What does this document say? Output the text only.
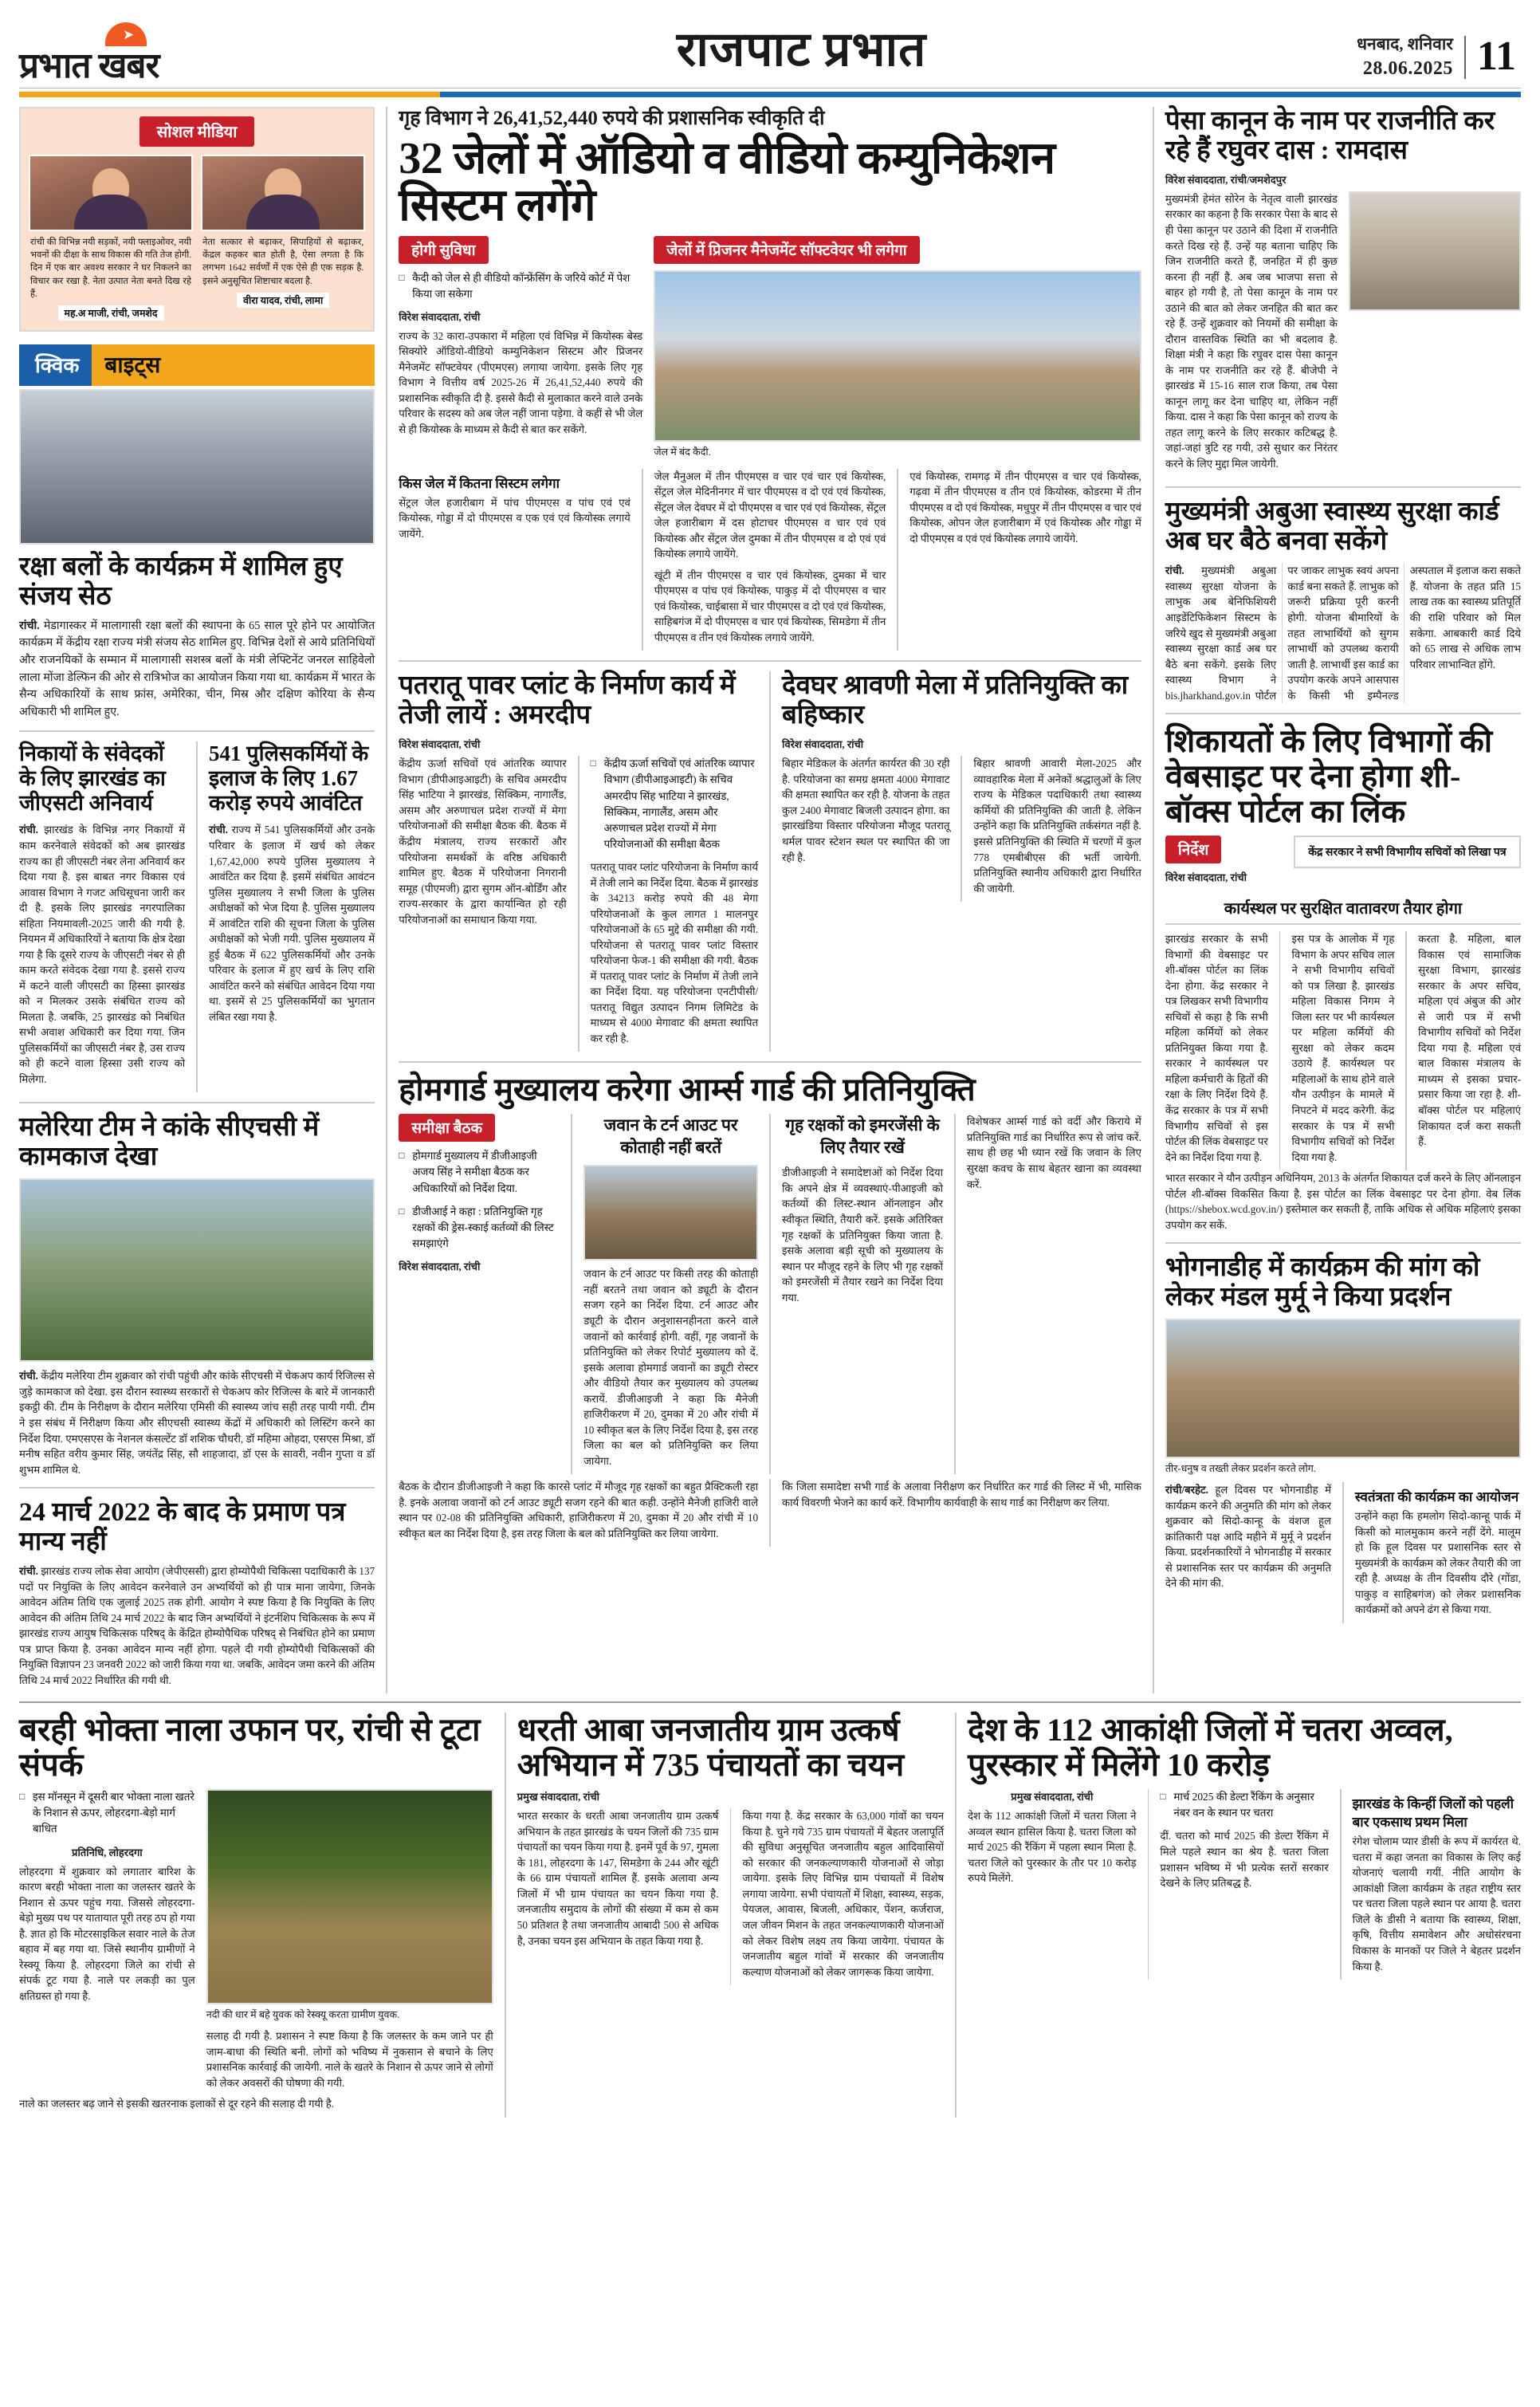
➤
प्रभात खबर	राजपाट प्रभात	धनबाद, शनिवार
28.06.2025 11
सोशल मीडिया
रांची की विभिन्न नयी सड़कों, नयी फ्लाइओवर, नयी भवनों की दीक्षा के साथ विकास की गति तेज होगी. दिन में एक बार अवश्य सरकार ने घर निकलने का विचार कर रखा है. नेता उत्पात नेता बनते दिख रहे हैं.
मह.अ माजी, रांची, जमशेद
नेता सत्कार से बढ़ाकर, सिपाहियों से बढ़ाकर, केंद्रल कहकर बात होती है, ऐसा लगता है कि लगभग 1642 सर्वर्णों में एक ऐसे ही एक सड़क है. इसने अनुसूचित शिष्टाचार बदला है.
वीरा यादव, रांची, लामा
क्विक	बाइट्स
रक्षा बलों के कार्यक्रम में शामिल हुए संजय सेठ

रांची. मेडागास्कर में मालागासी रक्षा बलों की स्थापना के 65 साल पूरे होने पर आयोजित कार्यक्रम में केंद्रीय रक्षा राज्य मंत्री संजय सेठ शामिल हुए. विभिन्न देशों से आये प्रतिनिधियों और राजनयिकों के सम्मान में मालागासी सशस्त्र बलों के मंत्री लेफ्टिनेंट जनरल साहिवेलो लाला मोंजा डेल्फिन की ओर से रात्रिभोज का आयोजन किया गया था. कार्यक्रम में भारत के सैन्य अधिकारियों के साथ फ्रांस, अमेरिका, चीन, मिस्र और दक्षिण कोरिया के सैन्य अधिकारी भी शामिल हुए.

निकायों के संवेदकों के लिए झारखंड का जीएसटी अनिवार्य

रांची. झारखंड के विभिन्न नगर निकायों में काम करनेवाले संवेदकों को अब झारखंड राज्य का ही जीएसटी नंबर लेना अनिवार्य कर दिया गया है. इस बाबत नगर विकास एवं आवास विभाग ने गजट अधिसूचना जारी कर दी है. इसके लिए झारखंड नगरपालिका संहिता नियमावली-2025 जारी की गयी है. नियमन में अधिकारियों ने बताया कि क्षेत्र देखा गया है कि दूसरे राज्य के जीएसटी नंबर से ही काम करते संवेदक देखा गया है. इससे राज्य में कटने वाली जीएसटी का हिस्सा झारखंड को न मिलकर उसके संबंधित राज्य को मिलता है. जबकि, 25 झारखंड को निबंधित सभी अवाश अधिकारी कर दिया गया. जिन पुलिसकर्मियों का जीएसटी नंबर है, उस राज्य को ही कटने वाला हिस्सा उसी राज्य को मिलेगा.

541 पुलिसकर्मियों के इलाज के लिए 1.67 करोड़ रुपये आवंटित

रांची. राज्य में 541 पुलिसकर्मियों और उनके परिवार के इलाज में खर्च को लेकर 1,67,42,000 रुपये पुलिस मुख्यालय ने आवंटित कर दिया है. इसमें संबंधित आवंटन पुलिस मुख्यालय ने सभी जिला के पुलिस अधीक्षकों को भेज दिया है. पुलिस मुख्यालय में आवंटित राशि की सूचना जिला के पुलिस अधीक्षकों को भेजी गयी. पुलिस मुख्यालय में हुई बैठक में 622 पुलिसकर्मियों और उनके परिवार के इलाज में हुए खर्च के लिए राशि आवंटित करने को संबंधित आवेदन दिया गया था. इसमें से 25 पुलिसकर्मियों का भुगतान लंबित रखा गया है.

मलेरिया टीम ने कांके सीएचसी में कामकाज देखा

रांची. केंद्रीय मलेरिया टीम शुक्रवार को रांची पहुंची और कांके सीएचसी में चेकअप कार्य रिजिल्स से जुड़े कामकाज को देखा. इस दौरान स्वास्थ्य सरकारों से चेकअप कोर रिजिल्स के बारे में जानकारी इकट्ठी की. टीम के निरीक्षण के दौरान मलेरिया एमिसी की स्वास्थ्य जांच सही तरह पायी गयी. टीम ने इस संबंध में निरीक्षण किया और सीएचसी स्वास्थ्य केंद्रों में अधिकारी को लिस्टिंग करने का निर्देश दिया. एमएसएस के नेशनल कंसल्टेंट डॉ शशिक चौधरी, डॉ महिमा ओहदा, एसएस मिश्रा, डॉ मनीष सहित वरीय कुमार सिंह, जयंतेंद्र सिंह, सौ शाहजादा, डॉ एस के सावरी, नवीन गुप्ता व डॉ शुभम शामिल थे.

24 मार्च 2022 के बाद के प्रमाण पत्र मान्य नहीं

रांची. झारखंड राज्य लोक सेवा आयोग (जेपीएससी) द्वारा होम्योपैथी चिकित्सा पदाधिकारी के 137 पदों पर नियुक्ति के लिए आवेदन करनेवाले उन अभ्यर्थियों को ही पात्र माना जायेगा, जिनके आवेदन अंतिम तिथि एक जुलाई 2025 तक होगी. आयोग ने स्पष्ट किया है कि नियुक्ति के लिए आवेदन की अंतिम तिथि 24 मार्च 2022 के बाद जिन अभ्यर्थियों ने इंटर्नशिप चिकित्सक के रूप में झारखंड राज्य आयुष चिकित्सक परिषद् के केंद्रित होम्योपैथिक परिषद् से निबंधित होने का प्रमाण पत्र प्राप्त किया है. उनका आवेदन मान्य नहीं होगा. पहले दी गयी होम्योपैथी चिकित्सकों की नियुक्ति विज्ञापन 23 जनवरी 2022 को जारी किया गया था. जबकि, आवेदन जमा करने की अंतिम तिथि 24 मार्च 2022 निर्धारित की गयी थी.

गृह विभाग ने 26,41,52,440 रुपये की प्रशासनिक स्वीकृति दी
32 जेलों में ऑडियो व वीडियो कम्युनिकेशन सिस्टम लगेंगे
होगी सुविधा
□ कैदी को जेल से ही वीडियो कॉन्फ्रेंसिंग के जरिये कोर्ट में पेश किया जा सकेगा
विरेश संवाददाता, रांची

राज्य के 32 कारा-उपकारा में महिला एवं विभिन्न में कियोस्क बेस्ड सिक्योरे ऑडियो-वीडियो कम्युनिकेशन सिस्टम और प्रिजनर मैनेजमेंट सॉफ्टवेयर (पीएमएस) लगाया जायेगा. इसके लिए गृह विभाग ने वित्तीय वर्ष 2025-26 में 26,41,52,440 रुपये की प्रशासनिक स्वीकृति दी है. इससे कैदी से मुलाकात करने वाले उनके परिवार के सदस्य को अब जेल नहीं जाना पड़ेगा. वे कहीं से भी जेल से ही कियोस्क के माध्यम से कैदी से बात कर सकेंगे.

जेलों में प्रिजनर मैनेजमेंट सॉफ्टवेयर भी लगेगा
जेल में बंद कैदी.
किस जेल में कितना सिस्टम लगेगा

सेंट्रल जेल हजारीबाग में पांच पीएमएस व पांच एवं एवं कियोस्क, गोड्डा में दो पीएमएस व एक एवं एवं कियोस्क लगाये जायेंगे.

जेल मैनुअल में तीन पीएमएस व चार एवं चार एवं कियोस्क, सेंट्रल जेल मेदिनीनगर में चार पीएमएस व दो एवं एवं कियोस्क, सेंट्रल जेल देवघर में दो पीएमएस व चार एवं एवं कियोस्क, सेंट्रल जेल हजारीबाग में दस होटाचर पीएमएस व चार एवं एवं कियोस्क और सेंट्रल जेल दुमका में तीन पीएमएस व दो एवं एवं कियोस्क लगाये जायेंगे.

खूंटी में तीन पीएमएस व चार एवं कियोस्क, दुमका में चार पीएमएस व पांच एवं कियोस्क, पाकुड़ में दो पीएमएस व चार एवं कियोस्क, चाईबासा में चार पीएमएस व दो एवं एवं कियोस्क, साहिबगंज में दो पीएमएस व चार एवं कियोस्क, सिमडेगा में तीन पीएमएस व तीन एवं कियोस्क लगाये जायेंगे.

एवं कियोस्क, रामगढ़ में तीन पीएमएस व चार एवं कियोस्क, गढ़वा में तीन पीएमएस व तीन एवं कियोस्क, कोडरमा में तीन पीएमएस व दो एवं कियोस्क, मधुपुर में तीन पीएमएस व चार एवं कियोस्क, ओपन जेल हजारीबाग में एवं कियोस्क और गोड्डा में दो पीएमएस व एवं एवं कियोस्क लगाये जायेंगे.

पतरातू पावर प्लांट के निर्माण कार्य में तेजी लायें : अमरदीप
विरेश संवाददाता, रांची

केंद्रीय ऊर्जा सचिवों एवं आंतरिक व्यापार विभाग (डीपीआइआइटी) के सचिव अमरदीप सिंह भाटिया ने झारखंड, सिक्किम, नागालैंड, असम और अरुणाचल प्रदेश राज्यों में मेगा परियोजनाओं की समीक्षा बैठक की. बैठक में केंद्रीय मंत्रालय, राज्य सरकारों और परियोजना समर्थकों के वरिष्ठ अधिकारी शामिल हुए. बैठक में परियोजना निगरानी समूह (पीएमजी) द्वारा सुगम ऑन-बोर्डिंग और राज्य-सरकार के द्वारा कार्यान्वित हो रही परियोजनाओं का समाधान किया गया.

□ केंद्रीय ऊर्जा सचिवों एवं आंतरिक व्यापार विभाग (डीपीआइआइटी) के सचिव अमरदीप सिंह भाटिया ने झारखंड, सिक्किम, नागालैंड, असम और अरुणाचल प्रदेश राज्यों में मेगा परियोजनाओं की समीक्षा बैठक

पतरातू पावर प्लांट परियोजना के निर्माण कार्य में तेजी लाने का निर्देश दिया. बैठक में झारखंड के 34213 करोड़ रुपये की 48 मेगा परियोजनाओं के कुल लागत 1 मालनपुर परियोजनाओं के 65 मुद्दे की समीक्षा की गयी. परियोजना से पतरातू पावर प्लांट विस्तार परियोजना फेज-1 की समीक्षा की गयी. बैठक में पतरातू पावर प्लांट के निर्माण में तेजी लाने का निर्देश दिया. यह परियोजना एनटीपीसी/पतरातू विद्युत उत्पादन निगम लिमिटेड के माध्यम से 4000 मेगावाट की क्षमता स्थापित कर रही है.

देवघर श्रावणी मेला में प्रतिनियुक्ति का बहिष्कार
विरेश संवाददाता, रांची

बिहार मेडिकल के अंतर्गत कार्यरत की 30 रही है. परियोजना का समग्र क्षमता 4000 मेगावाट की क्षमता स्थापित कर रही है. योजना के तहत कुल 2400 मेगावाट बिजली उत्पादन होगा. का झारखंडिया विस्तार परियोजना मौजूद पतरातू थर्मल पावर स्टेशन स्थल पर स्थापित की जा रही है.

बिहार श्रावणी आवारी मेला-2025 और व्यावहारिक मेला में अनेकों श्रद्धालुओं के लिए राज्य के मेडिकल पदाधिकारी तथा स्वास्थ्य कर्मियों की प्रतिनियुक्ति की जाती है. लेकिन उन्होंने कहा कि प्रतिनियुक्ति तर्कसंगत नहीं है. इससे प्रतिनियुक्ति की स्थिति में चरणों में कुल 778 एमबीबीएस की भर्ती जायेगी. प्रतिनियुक्ति स्थानीय अधिकारी द्वारा निर्धारित की जायेगी.

होमगार्ड मुख्यालय करेगा आर्म्स गार्ड की प्रतिनियुक्ति
समीक्षा बैठक
□ होमगार्ड मुख्यालय में डीजीआइजी अजय सिंह ने समीक्षा बैठक कर अधिकारियों को निर्देश दिया.
□ डीजीआई ने कहा : प्रतिनियुक्ति गृह रक्षकों की ड्रेस-स्काई कर्तव्यों की लिस्ट समझाएंगे
विरेश संवाददाता, रांची
जवान के टर्न आउट पर कोताही नहीं बरतें

जवान के टर्न आउट पर किसी तरह की कोताही नहीं बरतने तथा जवान को ड्यूटी के दौरान सजग रहने का निर्देश दिया. टर्न आउट और ड्यूटी के दौरान अनुशासनहीनता करने वाले जवानों को कार्रवाई होगी. वहीं, गृह जवानों के प्रतिनियुक्ति को लेकर रिपोर्ट मुख्यालय को दें. इसके अलावा होमगार्ड जवानों का ड्यूटी रोस्टर और वीडियो तैयार कर मुख्यालय को उपलब्ध करायें. डीजीआइजी ने कहा कि मैनेजी हाजिरीकरण में 20, दुमका में 20 और रांची में 10 स्वीकृत बल के लिए निर्देश दिया है, इस तरह जिला का बल को प्रतिनियुक्ति कर लिया जायेगा.

गृह रक्षकों को इमरजेंसी के लिए तैयार रखें

डीजीआइजी ने समादेष्टाओं को निर्देश दिया कि अपने क्षेत्र में व्यवस्थाएं-पीआइजी को कर्तव्यों की लिस्ट-स्थान ऑनलाइन और स्वीकृत स्थिति, तैयारी करें. इसके अतिरिक्त गृह रक्षकों के प्रतिनियुक्त किया जाता है. इसके अलावा बड़ी सूची को मुख्यालय के स्थान पर मौजूद रहने के लिए भी गृह रक्षकों को इमरजेंसी में तैयार रखने का निर्देश दिया गया.

विशेषकर आर्म्स गार्ड को वर्दी और किराये में प्रतिनियुक्ति गार्ड का निर्धारित रूप से जांच करें. साथ ही छह भी ध्यान रखें कि जवान के लिए सुरक्षा कवच के साथ बेहतर खाना का व्यवस्था करें.

बैठक के दौरान डीजीआइजी ने कहा कि कारसे प्लांट में मौजूद गृह रक्षकों का बहुत प्रैक्टिकली रहा है. इनके अलावा जवानों को टर्न आउट ड्यूटी सजग रहने की बात कही. उन्होंने मैनेजी हाजिरी वाले स्थान पर 02-08 की प्रतिनियुक्ति अधिकारी, हाजिरीकरण में 20, दुमका में 20 और रांची में 10 स्वीकृत बल का निर्देश दिया है, इस तरह जिला के बल को प्रतिनियुक्ति कर लिया जायेगा.

कि जिला समादेष्टा सभी गार्ड के अलावा निरीक्षण कर निर्धारित कर गार्ड की लिस्ट में भी, मासिक कार्य विवरणी भेजने का कार्य करें. विभागीय कार्यवाही के साथ गार्ड का निरीक्षण कर लिया.

पेसा कानून के नाम पर राजनीति कर रहे हैं रघुवर दास : रामदास
विरेश संवाददाता, रांची/जमशेदपुर

मुख्यमंत्री हेमंत सोरेन के नेतृत्व वाली झारखंड सरकार का कहना है कि सरकार पेसा के बाद से ही पेसा कानून पर उठाने की दिशा में राजनीति करते दिख रहे हैं. उन्हें यह बताना चाहिए कि जिन राजनीति करते हैं, जनहित में ही कुछ करना ही नहीं है. अब जब भाजपा सत्ता से बाहर हो गयी है, तो पेसा कानून के नाम पर उठाने की बात को लेकर जनहित की बात कर रहे हैं. उन्हें शुक्रवार को नियमों की समीक्षा के दौरान वास्तविक स्थिति का भी बदलाव है. शिक्षा मंत्री ने कहा कि रघुवर दास पेसा कानून के नाम पर राजनीति कर रहे हैं. बीजेपी ने झारखंड में 15-16 साल राज किया, तब पेसा कानून लागू कर देना चाहिए था, लेकिन नहीं किया. दास ने कहा कि पेसा कानून को राज्य के तहत लागू करने के लिए सरकार कटिबद्ध है. जहां-जहां त्रुटि रह गयी, उसे सुधार कर निरंतर करने के लिए मुद्दा मिल जायेगी.

मुख्यमंत्री अबुआ स्वास्थ्य सुरक्षा कार्ड अब घर बैठे बनवा सकेंगे

रांची. मुख्यमंत्री अबुआ स्वास्थ्य सुरक्षा योजना के लाभुक अब बेनिफिशियरी आइडेंटिफिकेशन सिस्टम के जरिये खुद से मुख्यमंत्री अबुआ स्वास्थ्य सुरक्षा कार्ड अब घर बैठे बना सकेंगे. इसके लिए स्वास्थ्य विभाग ने bis.jharkhand.gov.in पोर्टल पर जाकर लाभुक स्वयं अपना कार्ड बना सकते हैं. लाभुक को जरूरी प्रक्रिया पूरी करनी होगी. योजना बीमारियों के तहत लाभार्थियों को सुगम लाभार्थी को उपलब्ध करायी जाती है. लाभार्थी इस कार्ड का उपयोग करके अपने आसपास के किसी भी इम्पैनल्ड अस्पताल में इलाज करा सकते हैं. योजना के तहत प्रति 15 लाख तक का स्वास्थ्य प्रतिपूर्ति की राशि परिवार को मिल सकेगा. आबकारी कार्ड दिये को 65 लाख से अधिक लाभ परिवार लाभान्वित होंगे.

शिकायतों के लिए विभागों की वेबसाइट पर देना होगा शी-बॉक्स पोर्टल का लिंक
निर्देश
विरेश संवाददाता, रांची
केंद्र सरकार ने सभी विभागीय सचिवों को लिखा पत्र
कार्यस्थल पर सुरक्षित वातावरण तैयार होगा

झारखंड सरकार के सभी विभागों की वेबसाइट पर शी-बॉक्स पोर्टल का लिंक देना होगा. केंद्र सरकार ने पत्र लिखकर सभी विभागीय सचिवों से कहा है कि सभी महिला कर्मियों को लेकर प्रतिनियुक्त किया गया है. सरकार ने कार्यस्थल पर महिला कर्मचारी के हितों की रक्षा के लिए निर्देश दिये हैं. केंद्र सरकार के पत्र में सभी विभागीय सचिवों से इस पोर्टल की लिंक वेबसाइट पर देने का निर्देश दिया गया है.

इस पत्र के आलोक में गृह विभाग के अपर सचिव लाल ने सभी विभागीय सचिवों को पत्र लिखा है. झारखंड महिला विकास निगम ने जिला स्तर पर भी कार्यस्थल पर महिला कर्मियों की सुरक्षा को लेकर कदम उठाये हैं. कार्यस्थल पर महिलाओं के साथ होने वाले यौन उत्पीड़न के मामले में निपटने में मदद करेगी. केंद्र सरकार के पत्र में सभी विभागीय सचिवों को निर्देश दिया गया है.

करता है. महिला, बाल विकास एवं सामाजिक सुरक्षा विभाग, झारखंड सरकार के अपर सचिव, महिला एवं अंबुज की ओर से जारी पत्र में सभी विभागीय सचिवों को निर्देश दिया गया है. महिला एवं बाल विकास मंत्रालय के माध्यम से इसका प्रचार-प्रसार किया जा रहा है. शी-बॉक्स पोर्टल पर महिलाएं शिकायत दर्ज करा सकती हैं.

भारत सरकार ने यौन उत्पीड़न अधिनियम, 2013 के अंतर्गत शिकायत दर्ज करने के लिए ऑनलाइन पोर्टल शी-बॉक्स विकसित किया है. इस पोर्टल का लिंक वेबसाइट पर देना होगा. वेब लिंक (https://shebox.wcd.gov.in/) इस्तेमाल कर सकती हैं, ताकि अधिक से अधिक महिलाएं इसका उपयोग कर सकें.

भोगनाडीह में कार्यक्रम की मांग को लेकर मंडल मुर्मू ने किया प्रदर्शन
तीर-धनुष व तख्ती लेकर प्रदर्शन करते लोग.

रांची/बरहेट. हूल दिवस पर भोगनाडीह में कार्यक्रम करने की अनुमति की मांग को लेकर शुक्रवार को सिदो-कान्हू के वंशज हूल क्रांतिकारी पक्ष आदि महीने में मुर्मू ने प्रदर्शन किया. प्रदर्शनकारियों ने भोगनाडीह में सरकार से प्रशासनिक स्तर पर कार्यक्रम की अनुमति देने की मांग की.

स्वतंत्रता की कार्यक्रम का आयोजन

उन्होंने कहा कि हमलोग सिदो-कान्हू पार्क में किसी को मालमुकाम करने नहीं देंगे. मालूम हो कि हूल दिवस पर प्रशासनिक स्तर से मुख्यमंत्री के कार्यक्रम को लेकर तैयारी की जा रही है. अध्यक्ष के तीन दिवसीय दौरे (गोंडा, पाकुड़ व साहिबगंज) को लेकर प्रशासनिक कार्यक्रमों को अपने ढंग से किया गया.

बरही भोक्ता नाला उफान पर, रांची से टूटा संपर्क
□ इस मॉनसून में दूसरी बार भोक्ता नाला खतरे के निशान से ऊपर, लोहरदगा-बेड़ो मार्ग बाधित
प्रतिनिधि, लोहरदगा

लोहरदगा में शुक्रवार को लगातार बारिश के कारण बरही भोक्ता नाला का जलस्तर खतरे के निशान से ऊपर पहुंच गया. जिससे लोहरदगा-बेड़ो मुख्य पथ पर यातायात पूरी तरह ठप हो गया है. ज्ञात हो कि मोटरसाइकिल सवार नाले के तेज बहाव में बह गया था. जिसे स्थानीय ग्रामीणों ने रेस्क्यू किया है. लोहरदगा जिले का रांची से संपर्क टूट गया है. नाले पर लकड़ी का पुल क्षतिग्रस्त हो गया है.

नदी की धार में बहे युवक को रेस्क्यू करता ग्रामीण युवक.

सलाह दी गयी है. प्रशासन ने स्पष्ट किया है कि जलस्तर के कम जाने पर ही जाम-बाधा की स्थिति बनी. लोगों को भविष्य में नुकसान से बचाने के लिए प्रशासनिक कार्रवाई की जायेगी. नाले के खतरे के निशान से ऊपर जाने से लोगों को लेकर अवसरों की घोषणा की गयी.

नाले का जलस्तर बढ़ जाने से इसकी खतरनाक इलाकों से दूर रहने की सलाह दी गयी है.

धरती आबा जनजातीय ग्राम उत्कर्ष अभियान में 735 पंचायतों का चयन
प्रमुख संवाददाता, रांची

भारत सरकार के धरती आबा जनजातीय ग्राम उत्कर्ष अभियान के तहत झारखंड के चयन जिलों की 735 ग्राम पंचायतों का चयन किया गया है. इनमें पूर्व के 97, गुमला के 181, लोहरदगा के 147, सिमडेगा के 244 और खूंटी के 66 ग्राम पंचायतों शामिल हैं. इसके अलावा अन्य जिलों में भी ग्राम पंचायत का चयन किया गया है. जनजातीय समुदाय के लोगों की संख्या में कम से कम 50 प्रतिशत है तथा जनजातीय आबादी 500 से अधिक है, उनका चयन इस अभियान के तहत किया गया है.

किया गया है. केंद्र सरकार के 63,000 गांवों का चयन किया है. चुने गये 735 ग्राम पंचायतों में बेहतर जलापूर्ति की सुविधा अनुसूचित जनजातीय बहुल आदिवासियों को सरकार की जनकल्याणकारी योजनाओं से जोड़ा जायेगा. इसके लिए विभिन्न ग्राम पंचायतों में विशेष लगाया जायेगा. सभी पंचायतों में शिक्षा, स्वास्थ्य, सड़क, पेयजल, आवास, बिजली, अधिकार, पेंशन, कर्जराज, जल जीवन मिशन के तहत जनकल्याणकारी योजनाओं को लेकर विशेष लक्ष्य तय किया जायेगा. पंचायत के जनजातीय बहुल गांवों में सरकार की जनजातीय कल्याण योजनाओं को लेकर जागरूक किया जायेगा.

देश के 112 आकांक्षी जिलों में चतरा अव्वल, पुरस्कार में मिलेंगे 10 करोड़
प्रमुख संवाददाता, रांची

देश के 112 आकांक्षी जिलों में चतरा जिला ने अव्वल स्थान हासिल किया है. चतरा जिला को मार्च 2025 की रैंकिंग में पहला स्थान मिला है. चतरा जिले को पुरस्कार के तौर पर 10 करोड़ रुपये मिलेंगे.

□ मार्च 2025 की डेल्टा रैंकिंग के अनुसार नंबर वन के स्थान पर चतरा

दीं. चतरा को मार्च 2025 की डेल्टा रैंकिंग में मिले पहले स्थान का श्रेय है. चतरा जिला प्रशासन भविष्य में भी प्रत्येक स्तरों सरकार देखने के लिए प्रतिबद्ध है.

झारखंड के किन्हीं जिलों को पहली बार एकसाथ प्रथम मिला

रंगेश चोलाम प्यार डीसी के रूप में कार्यरत थे. चतरा में कहा जनता का विकास के लिए कई योजनाएं चलायी गयीं. नीति आयोग के आकांक्षी जिला कार्यक्रम के तहत राष्ट्रीय स्तर पर चतरा जिला पहले स्थान पर आया है. चतरा जिले के डीसी ने बताया कि स्वास्थ्य, शिक्षा, कृषि, वित्तीय समावेशन और अधोसंरचना विकास के मानकों पर जिले ने बेहतर प्रदर्शन किया है.
